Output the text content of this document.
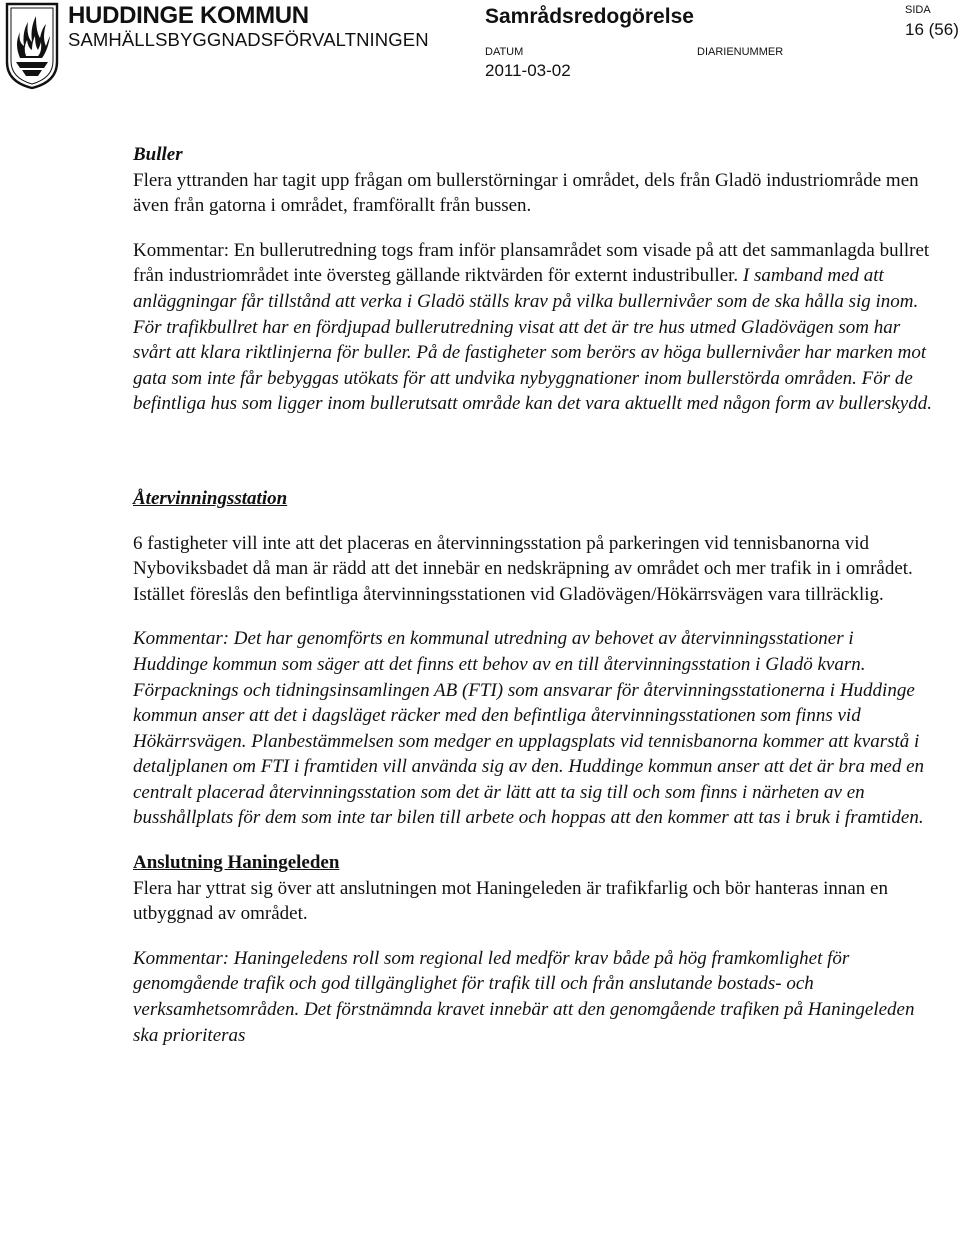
HUDDINGE KOMMUN
SAMHÄLLSBYGGNADSFÖRVALTNINGEN
Samrådsredogörelse
DATUM
2011-03-02
DIARIENUMMER
SIDA
16 (56)

Buller

Flera yttranden har tagit upp frågan om bullerstörningar i området, dels från Gladö industriområde men även från gatorna i området, framförallt från bussen.

Kommentar: En bullerutredning togs fram inför plansamrådet som visade på att det sammanlagda bullret från industriområdet inte översteg gällande riktvärden för externt industribuller. I samband med att anläggningar får tillstånd att verka i Gladö ställs krav på vilka bullernivåer som de ska hålla sig inom. För trafikbullret har en fördjupad bullerutredning visat att det är tre hus utmed Gladövägen som har svårt att klara riktlinjerna för buller. På de fastigheter som berörs av höga bullernivåer har marken mot gata som inte får bebyggas utökats för att undvika nybyggnationer inom bullerstörda områden. För de befintliga hus som ligger inom bullerutsatt område kan det vara aktuellt med någon form av bullerskydd.

Återvinningsstation

6 fastigheter vill inte att det placeras en återvinningsstation på parkeringen vid tennisbanorna vid Nyboviksbadet då man är rädd att det innebär en nedskräpning av området och mer trafik in i området. Istället föreslås den befintliga återvinningsstationen vid Gladövägen/Hökärrsvägen vara tillräcklig.

Kommentar: Det har genomförts en kommunal utredning av behovet av återvinningsstationer i Huddinge kommun som säger att det finns ett behov av en till återvinningsstation i Gladö kvarn. Förpacknings och tidningsinsamlingen AB (FTI) som ansvarar för återvinningsstationerna i Huddinge kommun anser att det i dagsläget räcker med den befintliga återvinningsstationen som finns vid Hökärrsvägen. Planbestämmelsen som medger en upplagsplats vid tennisbanorna kommer att kvarstå i detaljplanen om FTI i framtiden vill använda sig av den. Huddinge kommun anser att det är bra med en centralt placerad återvinningsstation som det är lätt att ta sig till och som finns i närheten av en busshållplats för dem som inte tar bilen till arbete och hoppas att den kommer att tas i bruk i framtiden.

Anslutning Haningeleden

Flera har yttrat sig över att anslutningen mot Haningeleden är trafikfarlig och bör hanteras innan en utbyggnad av området.

Kommentar: Haningeledens roll som regional led medför krav både på hög framkomlighet för genomgående trafik och god tillgänglighet för trafik till och från anslutande bostads- och verksamhetsområden. Det förstnämnda kravet innebär att den genomgående trafiken på Haningeleden ska prioriteras
